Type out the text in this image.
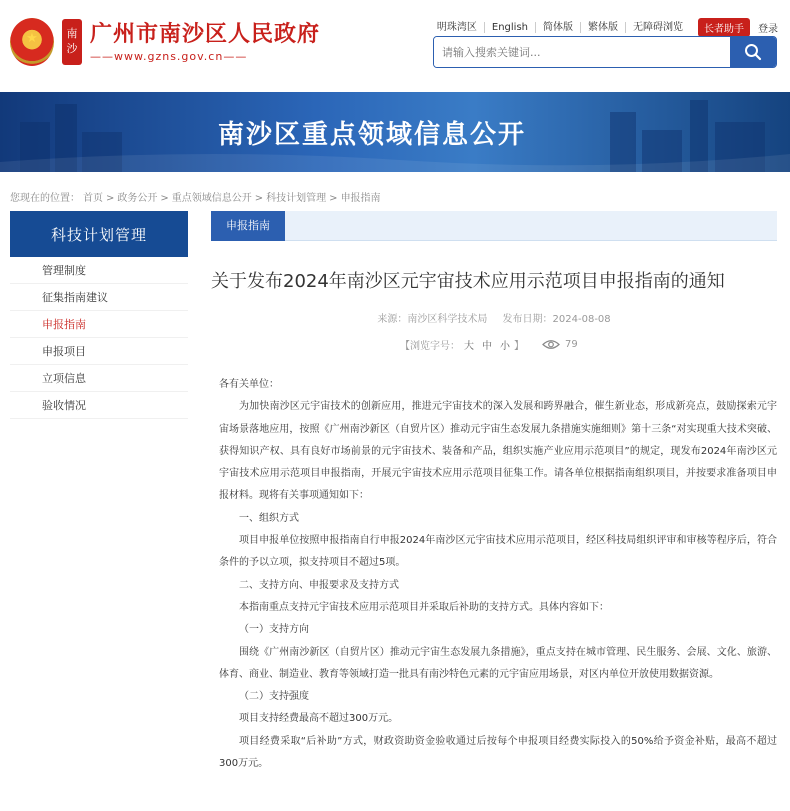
★
南沙
广州市南沙区人民政府
——www.gzns.gov.cn——
明珠湾区	English	简体版	繁体版	无障碍浏览	长者助手	登录
请输入搜索关键词...
南沙区重点领域信息公开
您现在的位置： 首页 > 政务公开 > 重点领域信息公开 > 科技计划管理 > 申报指南
科技计划管理
管理制度
征集指南建议
申报指南
申报项目
立项信息
验收情况
申报指南
关于发布2024年南沙区元宇宙技术应用示范项目申报指南的通知
来源：南沙区科学技术局 发布日期：2024-08-08
【浏览字号： 大 中 小 】	79

各有关单位：

为加快南沙区元宇宙技术的创新应用，推进元宇宙技术的深入发展和跨界融合，催生新业态，形成新亮点，鼓励探索元宇宙场景落地应用，按照《广州南沙新区（自贸片区）推动元宇宙生态发展九条措施实施细则》第十三条“对实现重大技术突破、获得知识产权、具有良好市场前景的元宇宙技术、装备和产品，组织实施产业应用示范项目”的规定，现发布2024年南沙区元宇宙技术应用示范项目申报指南，开展元宇宙技术应用示范项目征集工作。请各单位根据指南组织项目，并按要求准备项目申报材料。现将有关事项通知如下：

一、组织方式

项目申报单位按照申报指南自行申报2024年南沙区元宇宙技术应用示范项目，经区科技局组织评审和审核等程序后，符合条件的予以立项，拟支持项目不超过5项。

二、支持方向、申报要求及支持方式

本指南重点支持元宇宙技术应用示范项目并采取后补助的支持方式。具体内容如下：

（一）支持方向

围绕《广州南沙新区（自贸片区）推动元宇宙生态发展九条措施》，重点支持在城市管理、民生服务、会展、文化、旅游、体育、商业、制造业、教育等领域打造一批具有南沙特色元素的元宇宙应用场景，对区内单位开放使用数据资源。

（二）支持强度

项目支持经费最高不超过300万元。

项目经费采取“后补助”方式，财政资助资金验收通过后按每个申报项目经费实际投入的50%给予资金补贴，最高不超过300万元。
